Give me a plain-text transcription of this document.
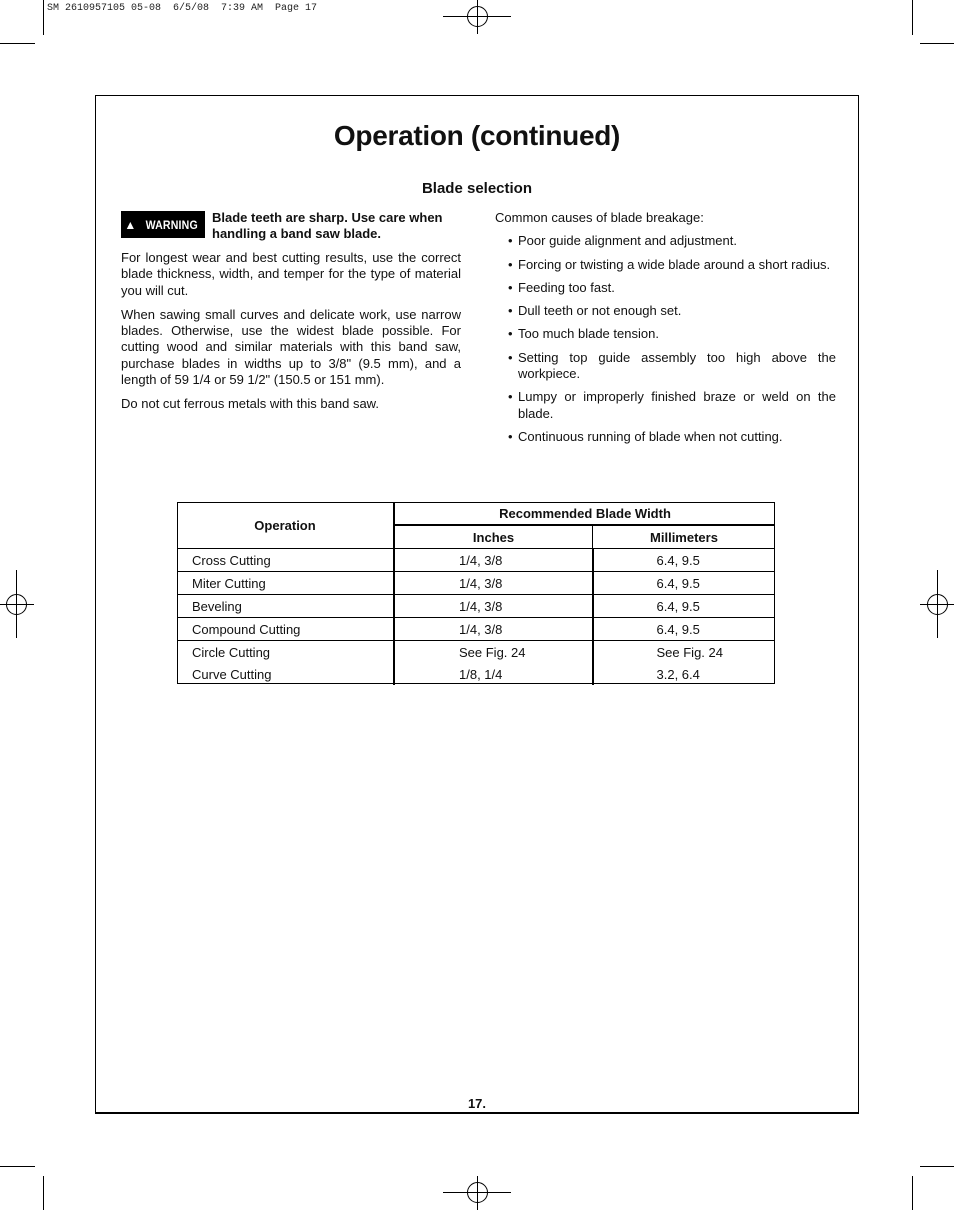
SM 2610957105 05-08  6/5/08  7:39 AM  Page 17
Operation (continued)
Blade selection
▲ WARNING Blade teeth are sharp. Use care when handling a band saw blade.

For longest wear and best cutting results, use the correct blade thickness, width, and temper for the type of material you will cut.

When sawing small curves and delicate work, use narrow blades. Otherwise, use the widest blade possible. For cutting wood and similar materials with this band saw, purchase blades in widths up to 3/8" (9.5 mm), and a length of 59 1/4 or 59 1/2" (150.5 or 151 mm).

Do not cut ferrous metals with this band saw.

Common causes of blade breakage:

• Poor guide alignment and adjustment.
• Forcing or twisting a wide blade around a short radius.
• Feeding too fast.
• Dull teeth or not enough set.
• Too much blade tension.
• Setting top guide assembly too high above the workpiece.
• Lumpy or improperly finished braze or weld on the blade.
• Continuous running of blade when not cutting.
Operation	Recommended Blade Width	
	Inches	Millimeters
Cross Cutting	1/4, 3/8	6.4, 9.5
Miter Cutting	1/4, 3/8	6.4, 9.5
Beveling	1/4, 3/8	6.4, 9.5
Compound Cutting	1/4, 3/8	6.4, 9.5
Circle Cutting	See Fig. 24	See Fig. 24
Curve Cutting	1/8, 1/4	3.2, 6.4
17.
